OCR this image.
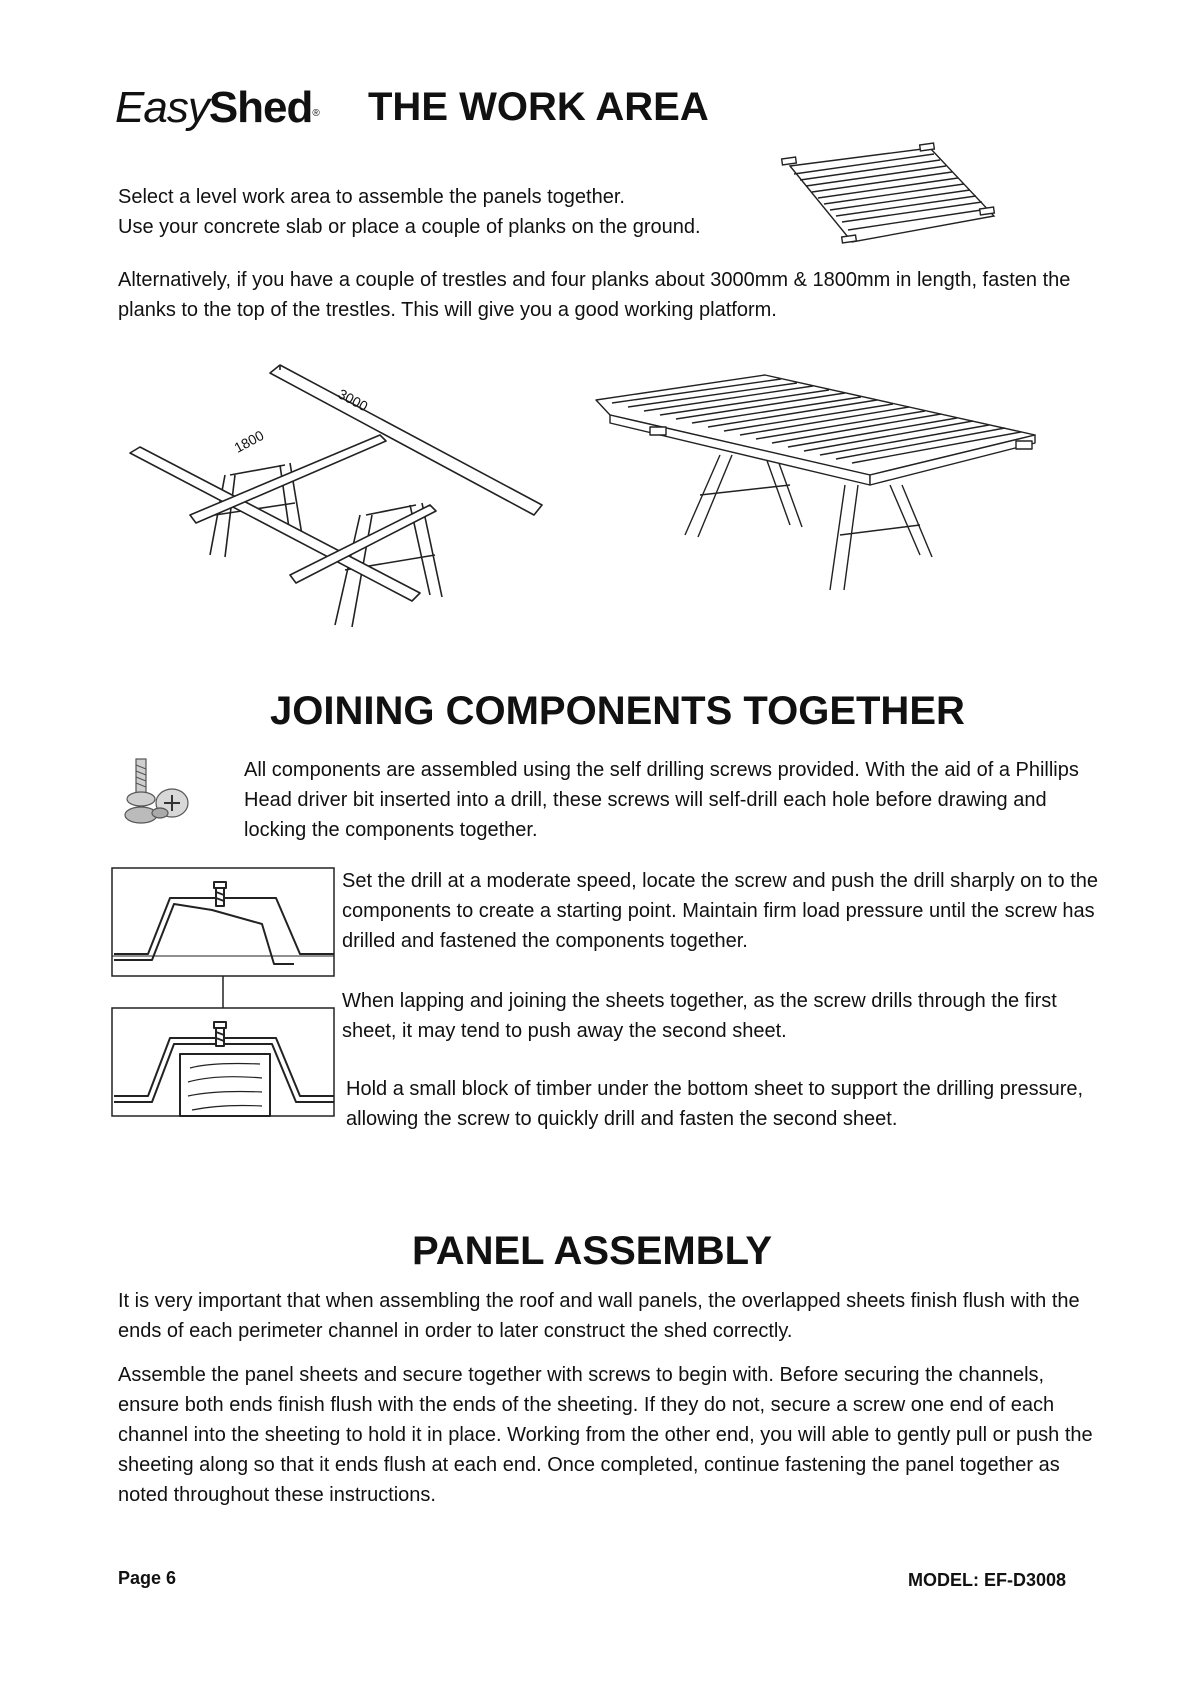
EasyShed® THE WORK AREA

Select a level work area to assemble the panels together.

Use your concrete slab or place a couple of planks on the ground.

Alternatively, if you have a couple of trestles and four planks about 3000mm & 1800mm in length, fasten the planks to the top of the trestles. This will give you a good working platform.
3000
1800
JOINING COMPONENTS TOGETHER
All components are assembled using the self drilling screws provided. With the aid of a Phillips Head driver bit inserted into a drill, these screws will self-drill each hole before drawing and locking the components together.
Set the drill at a moderate speed, locate the screw and push the drill sharply on to the components to create a starting point. Maintain firm load pressure until the screw has drilled and fastened the components together.
When lapping and joining the sheets together, as the screw drills through the first sheet, it may tend to push away the second sheet.
Hold a small block of timber under the bottom sheet to support the drilling pressure, allowing the screw to quickly drill and fasten the second sheet.
PANEL ASSEMBLY
It is very important that when assembling the roof and wall panels, the overlapped sheets finish flush with the ends of each perimeter channel in order to later construct the shed correctly.
Assemble the panel sheets and secure together with screws to begin with. Before securing the channels, ensure both ends finish flush with the ends of the sheeting. If they do not, secure a screw one end of each channel into the sheeting to hold it in place. Working from the other end, you will able to gently pull or push the sheeting along so that it ends flush at each end. Once completed, continue fastening the panel together as noted throughout these instructions.
Page 6	MODEL: EF-D3008
